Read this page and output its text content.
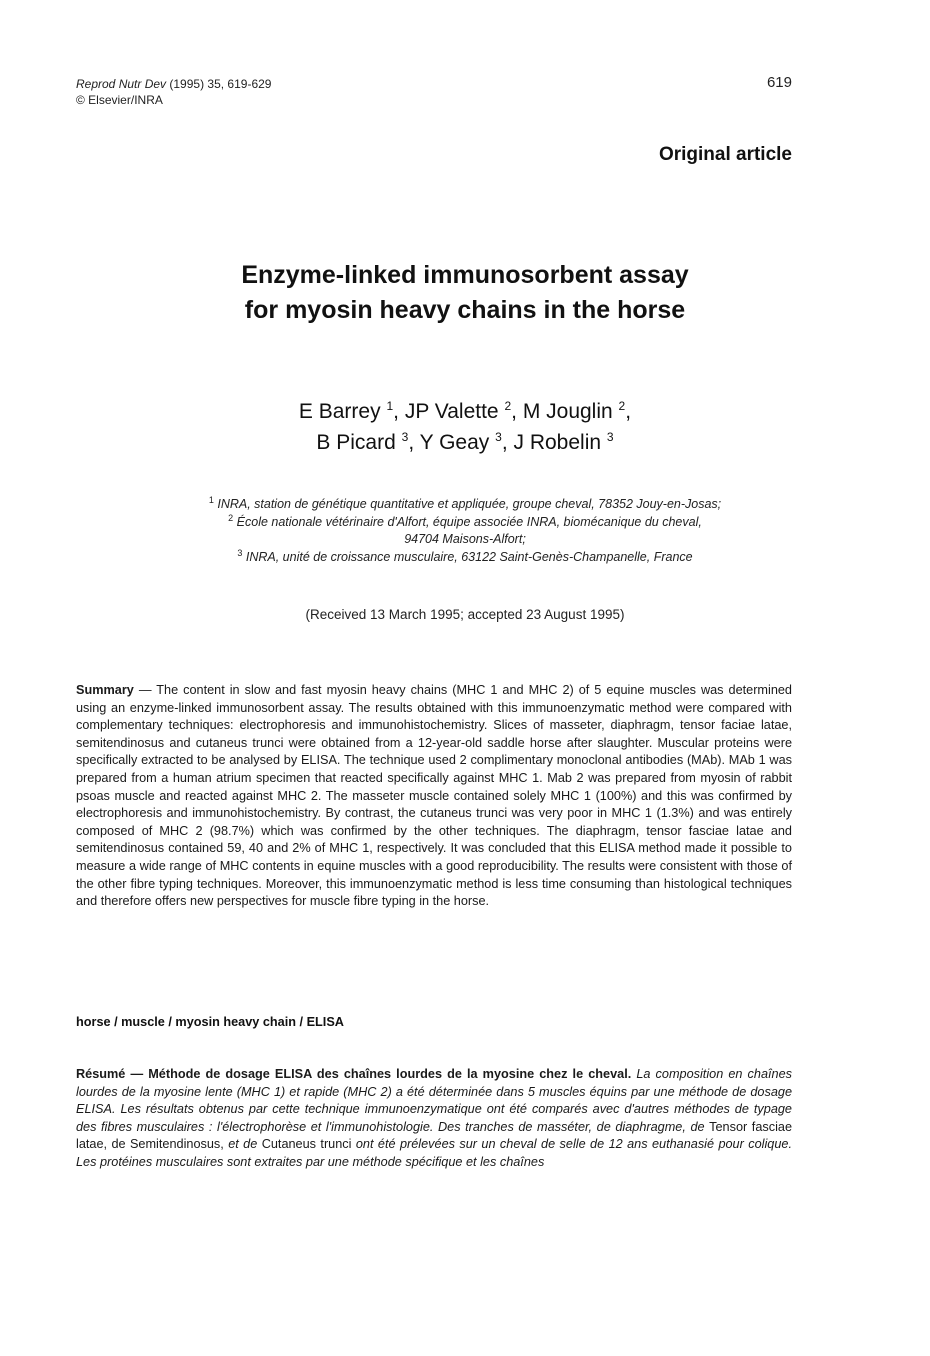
Reprod Nutr Dev (1995) 35, 619-629
© Elsevier/INRA
619
Original article
Enzyme-linked immunosorbent assay
for myosin heavy chains in the horse
E Barrey $^1$, JP Valette $^2$, M Jouglin $^2$,
B Picard $^3$, Y Geay $^3$, J Robelin $^3$
$^1$ INRA, station de génétique quantitative et appliquée, groupe cheval, 78352 Jouy-en-Josas;
$^2$ École nationale vétérinaire d'Alfort, équipe associée INRA, biomécanique du cheval,
94704 Maisons-Alfort;
$^3$ INRA, unité de croissance musculaire, 63122 Saint-Genès-Champanelle, France
(Received 13 March 1995; accepted 23 August 1995)
Summary — The content in slow and fast myosin heavy chains (MHC 1 and MHC 2) of 5 equine muscles was determined using an enzyme-linked immunosorbent assay. The results obtained with this immunoenzymatic method were compared with complementary techniques: electrophoresis and immunohistochemistry. Slices of masseter, diaphragm, tensor faciae latae, semitendinosus and cutaneus trunci were obtained from a 12-year-old saddle horse after slaughter. Muscular proteins were specifically extracted to be analysed by ELISA. The technique used 2 complimentary monoclonal antibodies (MAb). MAb 1 was prepared from a human atrium specimen that reacted specifically against MHC 1. Mab 2 was prepared from myosin of rabbit psoas muscle and reacted against MHC 2. The masseter muscle contained solely MHC 1 (100%) and this was confirmed by electrophoresis and immunohistochemistry. By contrast, the cutaneus trunci was very poor in MHC 1 (1.3%) and was entirely composed of MHC 2 (98.7%) which was confirmed by the other techniques. The diaphragm, tensor fasciae latae and semitendinosus contained 59, 40 and 2% of MHC 1, respectively. It was concluded that this ELISA method made it possible to measure a wide range of MHC contents in equine muscles with a good reproducibility. The results were consistent with those of the other fibre typing techniques. Moreover, this immunoenzymatic method is less time consuming than histological techniques and therefore offers new perspectives for muscle fibre typing in the horse.
horse / muscle / myosin heavy chain / ELISA
Résumé — Méthode de dosage ELISA des chaînes lourdes de la myosine chez le cheval. La composition en chaînes lourdes de la myosine lente (MHC 1) et rapide (MHC 2) a été déterminée dans 5 muscles équins par une méthode de dosage ELISA. Les résultats obtenus par cette technique immunoenzymatique ont été comparés avec d'autres méthodes de typage des fibres musculaires : l'électrophorèse et l'immunohistologie. Des tranches de masséter, de diaphragme, de Tensor fasciae latae, de Semitendinosus, et de Cutaneus trunci ont été prélevées sur un cheval de selle de 12 ans euthanasié pour colique. Les protéines musculaires sont extraites par une méthode spécifique et les chaînes
